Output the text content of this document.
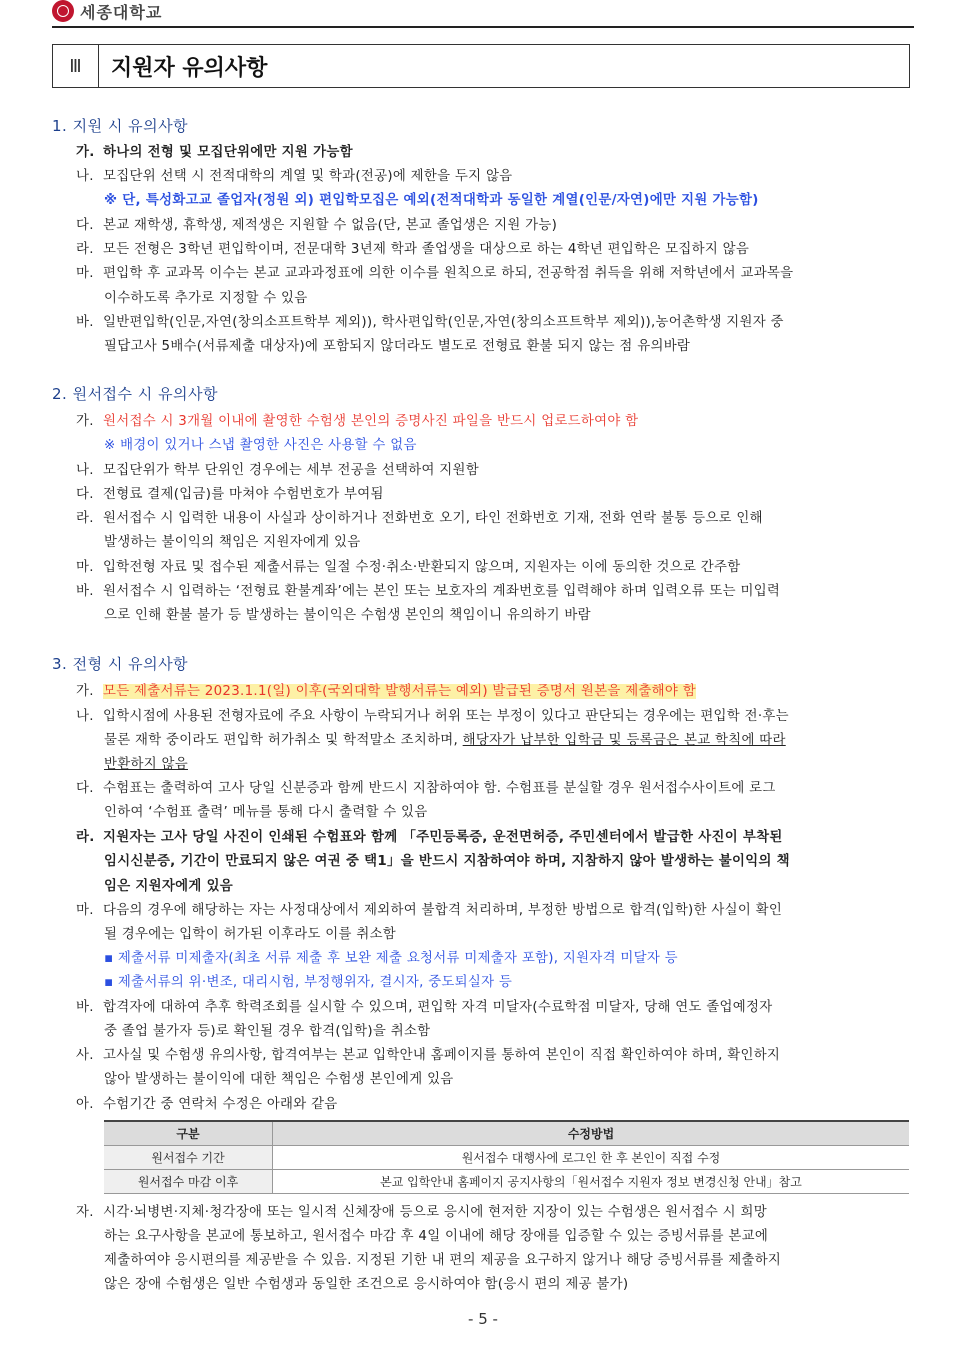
세종대학교
Ⅲ	지원자 유의사항
1. 지원 시 유의사항
가. 하나의 전형 및 모집단위에만 지원 가능함
나. 모집단위 선택 시 전적대학의 계열 및 학과(전공)에 제한을 두지 않음
※ 단, 특성화고교 졸업자(정원 외) 편입학모집은 예외(전적대학과 동일한 계열(인문/자연)에만 지원 가능함)
다. 본교 재학생, 휴학생, 제적생은 지원할 수 없음(단, 본교 졸업생은 지원 가능)
라. 모든 전형은 3학년 편입학이며, 전문대학 3년제 학과 졸업생을 대상으로 하는 4학년 편입학은 모집하지 않음
마. 편입학 후 교과목 이수는 본교 교과과정표에 의한 이수를 원칙으로 하되, 전공학점 취득을 위해 저학년에서 교과목을
이수하도록 추가로 지정할 수 있음
바. 일반편입학(인문,자연(창의소프트학부 제외)), 학사편입학(인문,자연(창의소프트학부 제외)),농어촌학생 지원자 중
필답고사 5배수(서류제출 대상자)에 포함되지 않더라도 별도로 전형료 환불 되지 않는 점 유의바람
2. 원서접수 시 유의사항
가. 원서접수 시 3개월 이내에 촬영한 수험생 본인의 증명사진 파일을 반드시 업로드하여야 함
※ 배경이 있거나 스냅 촬영한 사진은 사용할 수 없음
나. 모집단위가 학부 단위인 경우에는 세부 전공을 선택하여 지원함
다. 전형료 결제(입금)를 마쳐야 수험번호가 부여됨
라. 원서접수 시 입력한 내용이 사실과 상이하거나 전화번호 오기, 타인 전화번호 기재, 전화 연락 불통 등으로 인해
발생하는 불이익의 책임은 지원자에게 있음
마. 입학전형 자료 및 접수된 제출서류는 일절 수정·취소·반환되지 않으며, 지원자는 이에 동의한 것으로 간주함
바. 원서접수 시 입력하는 ‘전형료 환불계좌’에는 본인 또는 보호자의 계좌번호를 입력해야 하며 입력오류 또는 미입력
으로 인해 환불 불가 등 발생하는 불이익은 수험생 본인의 책임이니 유의하기 바람
3. 전형 시 유의사항
가. 모든 제출서류는 2023.1.1(일) 이후(국외대학 발행서류는 예외) 발급된 증명서 원본을 제출해야 함
나. 입학시점에 사용된 전형자료에 주요 사항이 누락되거나 허위 또는 부정이 있다고 판단되는 경우에는 편입학 전·후는
물론 재학 중이라도 편입학 허가취소 및 학적말소 조치하며, 해당자가 납부한 입학금 및 등록금은 본교 학칙에 따라
반환하지 않음
다. 수험표는 출력하여 고사 당일 신분증과 함께 반드시 지참하여야 함. 수험표를 분실할 경우 원서접수사이트에 로그
인하여 ‘수험표 출력’ 메뉴를 통해 다시 출력할 수 있음
라. 지원자는 고사 당일 사진이 인쇄된 수험표와 함께 「주민등록증, 운전면허증, 주민센터에서 발급한 사진이 부착된
임시신분증, 기간이 만료되지 않은 여권 중 택1」을 반드시 지참하여야 하며, 지참하지 않아 발생하는 불이익의 책
임은 지원자에게 있음
마. 다음의 경우에 해당하는 자는 사정대상에서 제외하여 불합격 처리하며, 부정한 방법으로 합격(입학)한 사실이 확인
될 경우에는 입학이 허가된 이후라도 이를 취소함
▪ 제출서류 미제출자(최초 서류 제출 후 보완 제출 요청서류 미제출자 포함), 지원자격 미달자 등
▪ 제출서류의 위·변조, 대리시험, 부정행위자, 결시자, 중도퇴실자 등
바. 합격자에 대하여 추후 학력조회를 실시할 수 있으며, 편입학 자격 미달자(수료학점 미달자, 당해 연도 졸업예정자
중 졸업 불가자 등)로 확인될 경우 합격(입학)을 취소함
사. 고사실 및 수험생 유의사항, 합격여부는 본교 입학안내 홈페이지를 통하여 본인이 직접 확인하여야 하며, 확인하지
않아 발생하는 불이익에 대한 책임은 수험생 본인에게 있음
아. 수험기간 중 연락처 수정은 아래와 같음
구분	수정방법
원서접수 기간	원서접수 대행사에 로그인 한 후 본인이 직접 수정
원서접수 마감 이후	본교 입학안내 홈페이지 공지사항의「원서접수 지원자 정보 변경신청 안내」참고
자. 시각·뇌병변·지체·청각장애 또는 일시적 신체장애 등으로 응시에 현저한 지장이 있는 수험생은 원서접수 시 희망
하는 요구사항을 본교에 통보하고, 원서접수 마감 후 4일 이내에 해당 장애를 입증할 수 있는 증빙서류를 본교에
제출하여야 응시편의를 제공받을 수 있음. 지정된 기한 내 편의 제공을 요구하지 않거나 해당 증빙서류를 제출하지
않은 장애 수험생은 일반 수험생과 동일한 조건으로 응시하여야 함(응시 편의 제공 불가)
- 5 -
